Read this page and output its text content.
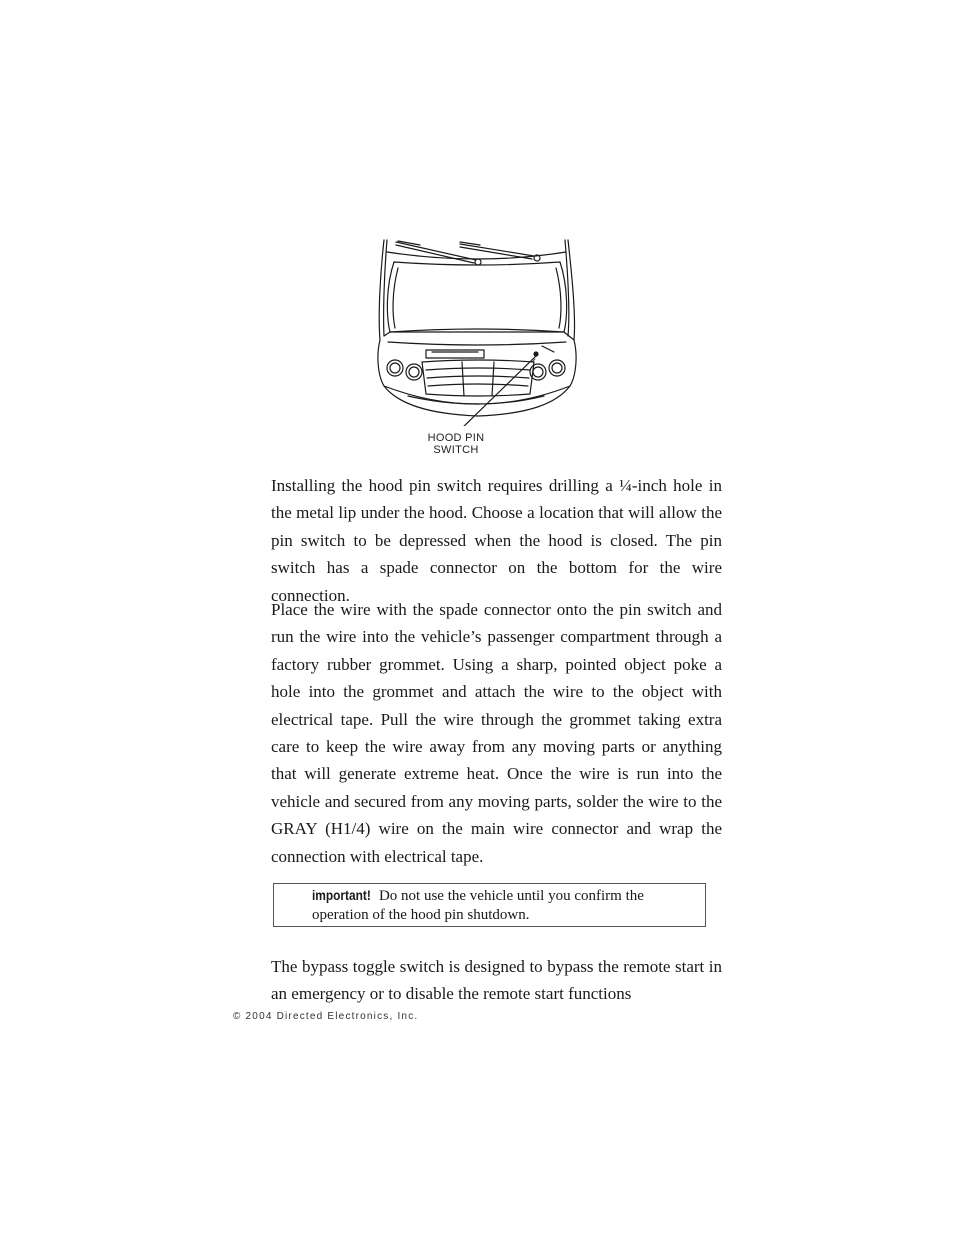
HOOD PIN
SWITCH

Installing the hood pin switch requires drilling a ¼-inch hole in the metal lip under the hood. Choose a location that will allow the pin switch to be depressed when the hood is closed. The pin switch has a spade connector on the bottom for the wire connection.

Place the wire with the spade connector onto the pin switch and run the wire into the vehicle’s passenger compartment through a factory rubber grommet. Using a sharp, pointed object poke a hole into the grommet and attach the wire to the object with electrical tape. Pull the wire through the grommet taking extra care to keep the wire away from any moving parts or anything that will generate extreme heat. Once the wire is run into the vehicle and secured from any moving parts, solder the wire to the GRAY (H1/4) wire on the main wire connector and wrap the connection with electrical tape.

important! Do not use the vehicle until you confirm the operation of the hood pin shutdown.

The bypass toggle switch is designed to bypass the remote start in an emergency or to disable the remote start functions

© 2004 Directed Electronics, Inc.
